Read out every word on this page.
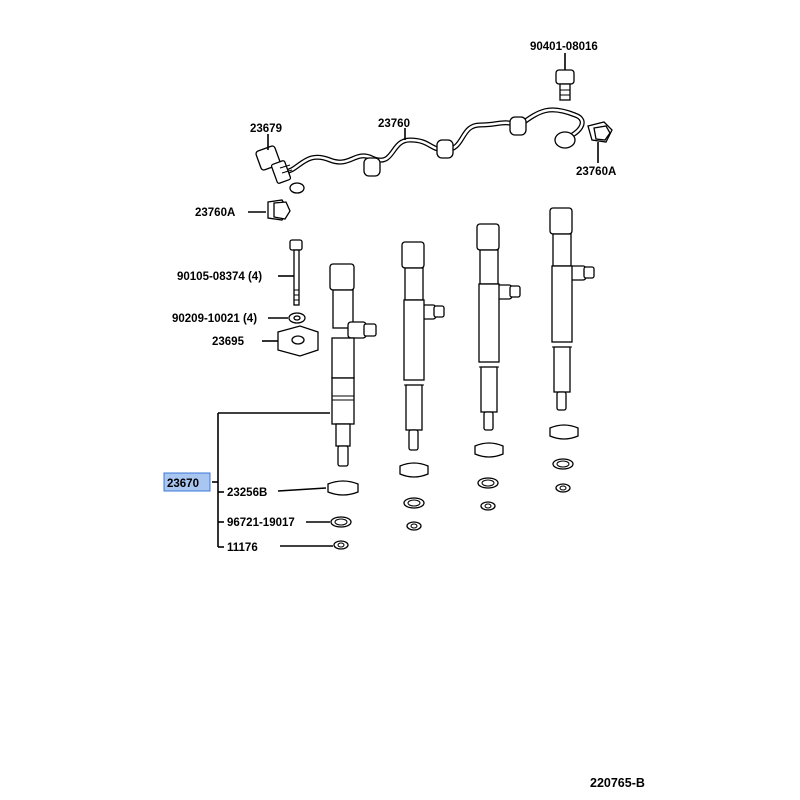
90401-08016
23760
23679
23760A
23760A
90105-08374 (4)
90209-10021 (4)
23695
23670
23256B
96721-19017
11176
220765-B
